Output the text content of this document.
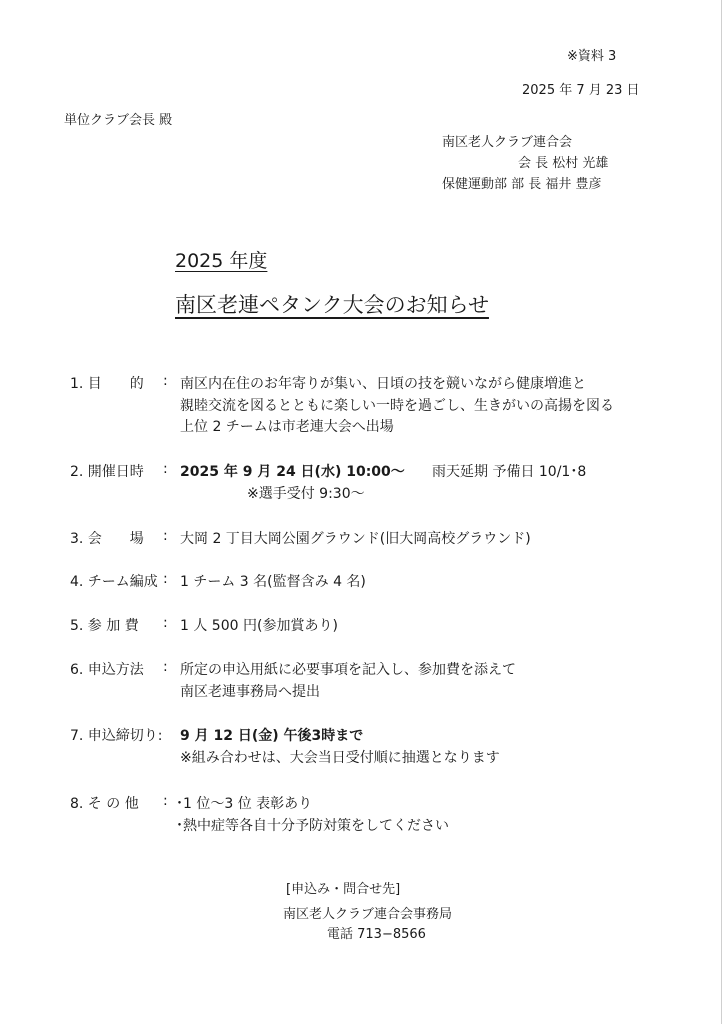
※資料 3
2025 年 7 月 23 日
単位クラブ会長 殿
南区老人クラブ連合会
会 長 松村 光雄
保健運動部 部 長 福井 豊彦
2025 年度
南区老連ペタンク大会のお知らせ
1. 目　　的 : 南区内在住のお年寄りが集い、日頃の技を競いながら健康増進と
親睦交流を図るとともに楽しい一時を過ごし、生きがいの高揚を図る
上位 2 チームは市老連大会へ出場
2. 開催日時 : 2025 年 9 月 24 日(水) 10:00〜 雨天延期 予備日 10/1･8
※選手受付 9:30〜
3. 会　　場 : 大岡 2 丁目大岡公園グラウンド(旧大岡高校グラウンド)
4. チーム編成 : 1 チーム 3 名(監督含み 4 名)
5. 参 加 費 : 1 人 500 円(参加賞あり)
6. 申込方法 : 所定の申込用紙に必要事項を記入し、参加費を添えて
南区老連事務局へ提出
7. 申込締切り: 9 月 12 日(金) 午後3時まで
※組み合わせは、大会当日受付順に抽選となります
8. そ の 他 : ･1 位〜3 位 表彰あり
･熱中症等各自十分予防対策をしてください
[申込み・問合せ先]
南区老人クラブ連合会事務局
電話 713−8566
